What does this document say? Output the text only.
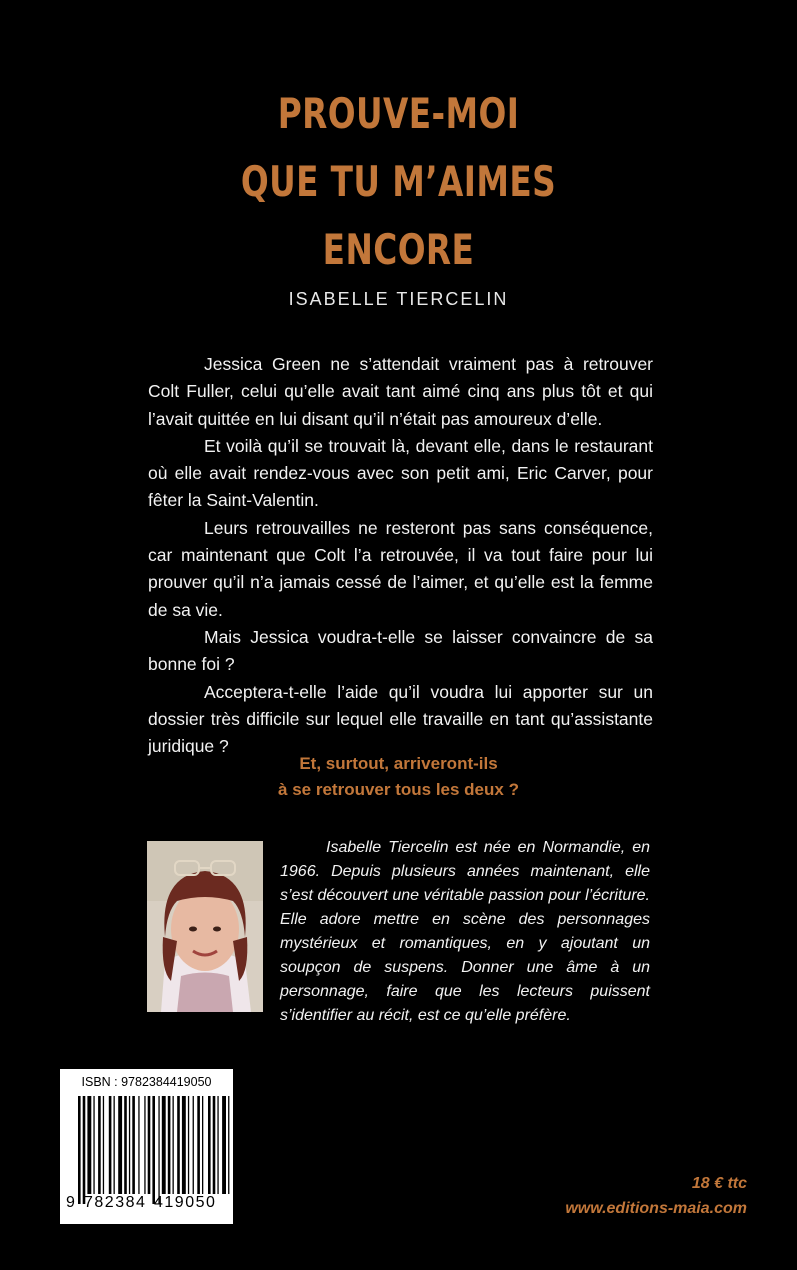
PROUVE-MOI
QUE TU M’AIMES
ENCORE
ISABELLE TIERCELIN

Jessica Green ne s’attendait vraiment pas à retrouver Colt Fuller, celui qu’elle avait tant aimé cinq ans plus tôt et qui l’avait quittée en lui disant qu’il n’était pas amoureux d’elle.

Et voilà qu’il se trouvait là, devant elle, dans le restaurant où elle avait rendez-vous avec son petit ami, Eric Carver, pour fêter la Saint-Valentin.

Leurs retrouvailles ne resteront pas sans conséquence, car maintenant que Colt l’a retrouvée, il va tout faire pour lui prouver qu’il n’a jamais cessé de l’aimer, et qu’elle est la femme de sa vie.

Mais Jessica voudra-t-elle se laisser convaincre de sa bonne foi ?

Acceptera-t-elle l’aide qu’il voudra lui apporter sur un dossier très difficile sur lequel elle travaille en tant qu’assistante juridique ?

Et, surtout, arriveront-ils
à se retrouver tous les deux ?

Isabelle Tiercelin est née en Normandie, en 1966. Depuis plusieurs années maintenant, elle s’est découvert une véritable passion pour l’écriture. Elle adore mettre en scène des personnages mystérieux et romantiques, en y ajoutant un soupçon de suspens. Donner une âme à un personnage, faire que les lecteurs puissent s’identifier au récit, est ce qu’elle préfère.

ISBN : 9782384419050
9 782384 419050
18 € ttc
www.editions-maia.com
